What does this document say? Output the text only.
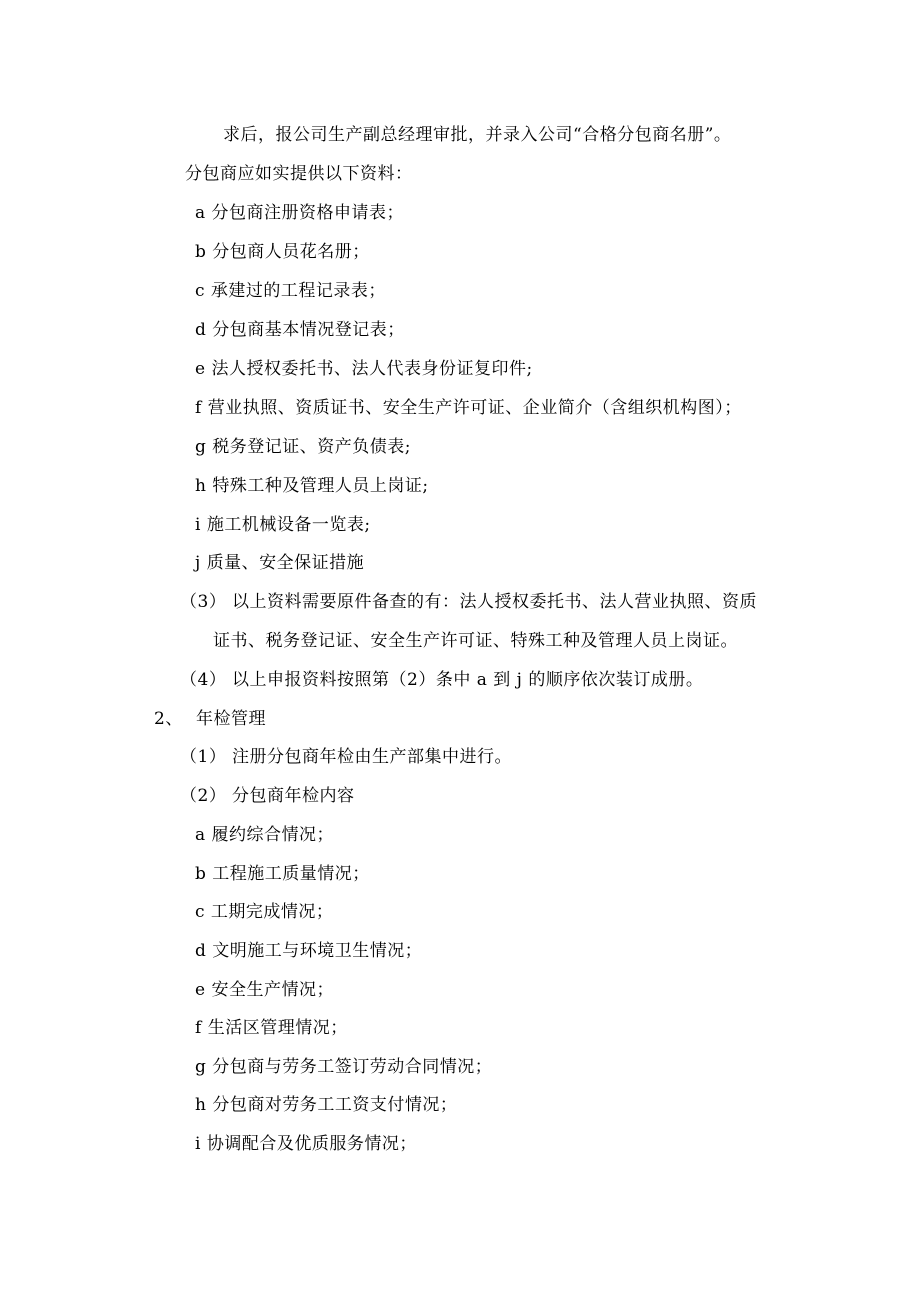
求后，报公司生产副总经理审批，并录入公司“合格分包商名册”。
分包商应如实提供以下资料：
a 分包商注册资格申请表；
b 分包商人员花名册；
c 承建过的工程记录表；
d 分包商基本情况登记表；
e 法人授权委托书、法人代表身份证复印件;
f 营业执照、资质证书、安全生产许可证、企业简介（含组织机构图）；
g 税务登记证、资产负债表;
h 特殊工种及管理人员上岗证;
i 施工机械设备一览表;
j 质量、安全保证措施
（3） 以上资料需要原件备查的有：法人授权委托书、法人营业执照、资质
证书、税务登记证、安全生产许可证、特殊工种及管理人员上岗证。
（4） 以上申报资料按照第（2）条中 a 到 j 的顺序依次装订成册。
2、 年检管理
（1） 注册分包商年检由生产部集中进行。
（2） 分包商年检内容
a 履约综合情况；
b 工程施工质量情况；
c 工期完成情况；
d 文明施工与环境卫生情况；
e 安全生产情况；
f 生活区管理情况；
g 分包商与劳务工签订劳动合同情况；
h 分包商对劳务工工资支付情况；
i 协调配合及优质服务情况；
